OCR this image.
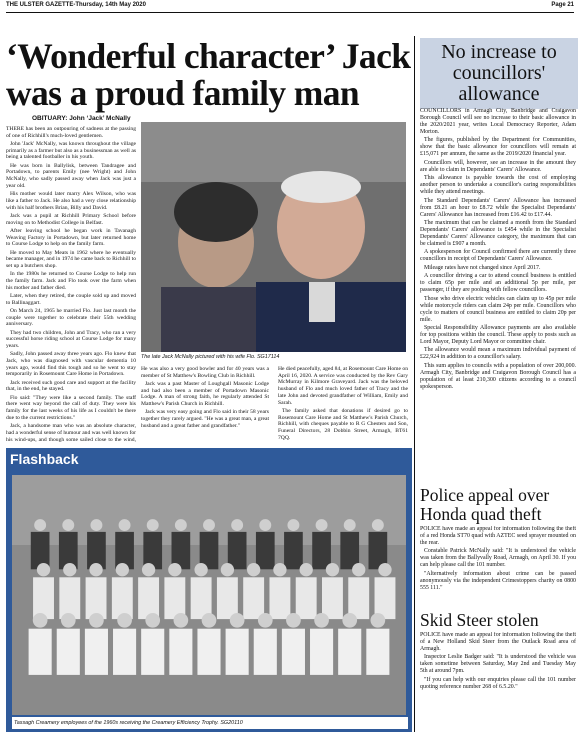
THE ULSTER GAZETTE-Thursday, 14th May 2020	Page 21
‘Wonderful character’ Jack was a proud family man
OBITUARY: John ‘Jack’ McNally

THERE has been an outpouring of sadness at the passing of one of Richhill's much-loved gentlemen.

John 'Jack' McNally, was known throughout the village primarily as a farmer but also as a businessman as well as being a talented footballer in his youth.

He was born in Ballylisk, between Tandragee and Portadown, to parents Emily (nee Wright) and John McNally, who sadly passed away when Jack was just a year old.

His mother would later marry Alex Wilson, who was like a father to Jack. He also had a very close relationship with his half brothers Brian, Billy and David.

Jack was a pupil at Richhill Primary School before moving on to Methodist College in Belfast.

After leaving school he began work in Tavanagh Weaving Factory in Portadown, but later returned home to Course Lodge to help on the family farm.

He moved to May Meats in 1962 where he eventually became manager, and in 1974 he came back to Richhill to set up a butchers shop.

In the 1980s he returned to Course Lodge to help run the family farm. Jack and Flo took over the farm when his mother and father died.

Later, when they retired, the couple sold up and moved to Ballinaggart.

On March 24, 1965 he married Flo. Just last month the couple were together to celebrate their 55th wedding anniversary.

They had two children, John and Tracy, who ran a very successful horse riding school at Course Lodge for many years.

Sadly, John passed away three years ago. Flo knew that Jack, who was diagnosed with vascular dementia 10 years ago, would find this tough and so he went to stay temporarily in Rosemount Care Home in Portadown.

Jack received such good care and support at the facility that, in the end, he stayed.

Flo said: "They were like a second family. The staff there went way beyond the call of duty. They were his family for the last weeks of his life as I couldn't be there due to the current restrictions."

Jack, a handsome man who was an absolute character, had a wonderful sense of humour and was well known for his wind-ups, and though some sailed close to the wind,

The late Jack McNally pictured with his wife Flo. SG17114

He was also a very good bowler and for 40 years was a member of St Matthew's Bowling Club in Richhill.

Jack was a past Master of Loughgall Masonic Lodge and had also been a member of Portadown Masonic Lodge. A man of strong faith, he regularly attended St Matthew's Parish Church in Richhill.

Jack was very easy going and Flo said in their 58 years together they rarely argued. "He was a great man, a great husband and a great father and grandfather."

He died peacefully, aged 84, at Rosemount Care Home on April 16, 2020. A service was conducted by the Rev Gary McMurray in Kilmore Graveyard. Jack was the beloved husband of Flo and much loved father of Tracy and the late John and devoted grandfather of William, Emily and Sarah.

The family asked that donations if desired go to Rosemount Care Home and St Matthew's Parish Church, Richhill, with cheques payable to R G Chesters and Son, Funeral Directors, 28 Dobbin Street, Armagh, BT61 7QQ.

No increase to councillors' allowance

COUNCILLORS in Armagh City, Banbridge and Craigavon Borough Council will see no increase to their basic allowance in the 2020/2021 year, writes Local Democracy Reporter, Adam Morton.

The figures, published by the Department for Communities, show that the basic allowance for councillors will remain at £15,071 per annum, the same as the 2019/2020 financial year.

Councillors will, however, see an increase in the amount they are able to claim in Dependants' Carers' Allowance.

This allowance is payable towards the cost of employing another person to undertake a councillor's caring responsibilities while they attend meetings.

The Standard Dependants' Carers' Allowance has increased from £8.21 an hour to £8.72 while the Specialist Dependants' Carers' Allowance has increased from £16.42 to £17.44.

The maximum that can be claimed a month from the Standard Dependants' Carers' allowance is £454 while in the Specialist Dependants' Carers' Allowance category, the maximum that can be claimed is £907 a month.

A spokesperson for Council confirmed there are currently three councillors in receipt of Dependants' Carers' Allowance.

Mileage rates have not changed since April 2017.

A councillor driving a car to attend council business is entitled to claim 65p per mile and an additional 5p per mile, per passenger, if they are pooling with fellow councillors.

Those who drive electric vehicles can claim up to 45p per mile while motorcycle riders can claim 24p per mile. Councillors who cycle to matters of council business are entitled to claim 20p per mile.

Special Responsibility Allowance payments are also available for top positions within the council. These apply to posts such as Lord Mayor, Deputy Lord Mayor or committee chair.

The allowance would mean a maximum individual payment of £22,924 in addition to a councillor's salary.

This sum applies to councils with a population of over 200,000. Armagh City, Banbridge and Craigavon Borough Council has a population of at least 210,300 citizens according to a council spokesperson.

Police appeal over Honda quad theft

POLICE have made an appeal for information following the theft of a red Honda ST70 quad with AZTEC seed sprayer mounted on the rear.

Constable Patrick McNally said: "It is understood the vehicle was taken from the Ballyvally Road, Armagh, on April 30. If you can help please call the 101 number.

"Alternatively information about crime can be passed anonymously via the independent Crimestoppers charity on 0800 555 111."

Skid Steer stolen

POLICE have made an appeal for information following the theft of a New Holland Skid Steer from the Outlack Road area of Armagh.

Inspector Leslie Badger said: "It is understood the vehicle was taken sometime between Saturday, May 2nd and Tuesday May 5th at around 7pm.

"If you can help with our enquiries please call the 101 number quoting reference number 268 of 6.5.20."

Flashback
Tassagh Creamery employees of the 1960s receiving the Creamery Efficiency Trophy. SG20110
